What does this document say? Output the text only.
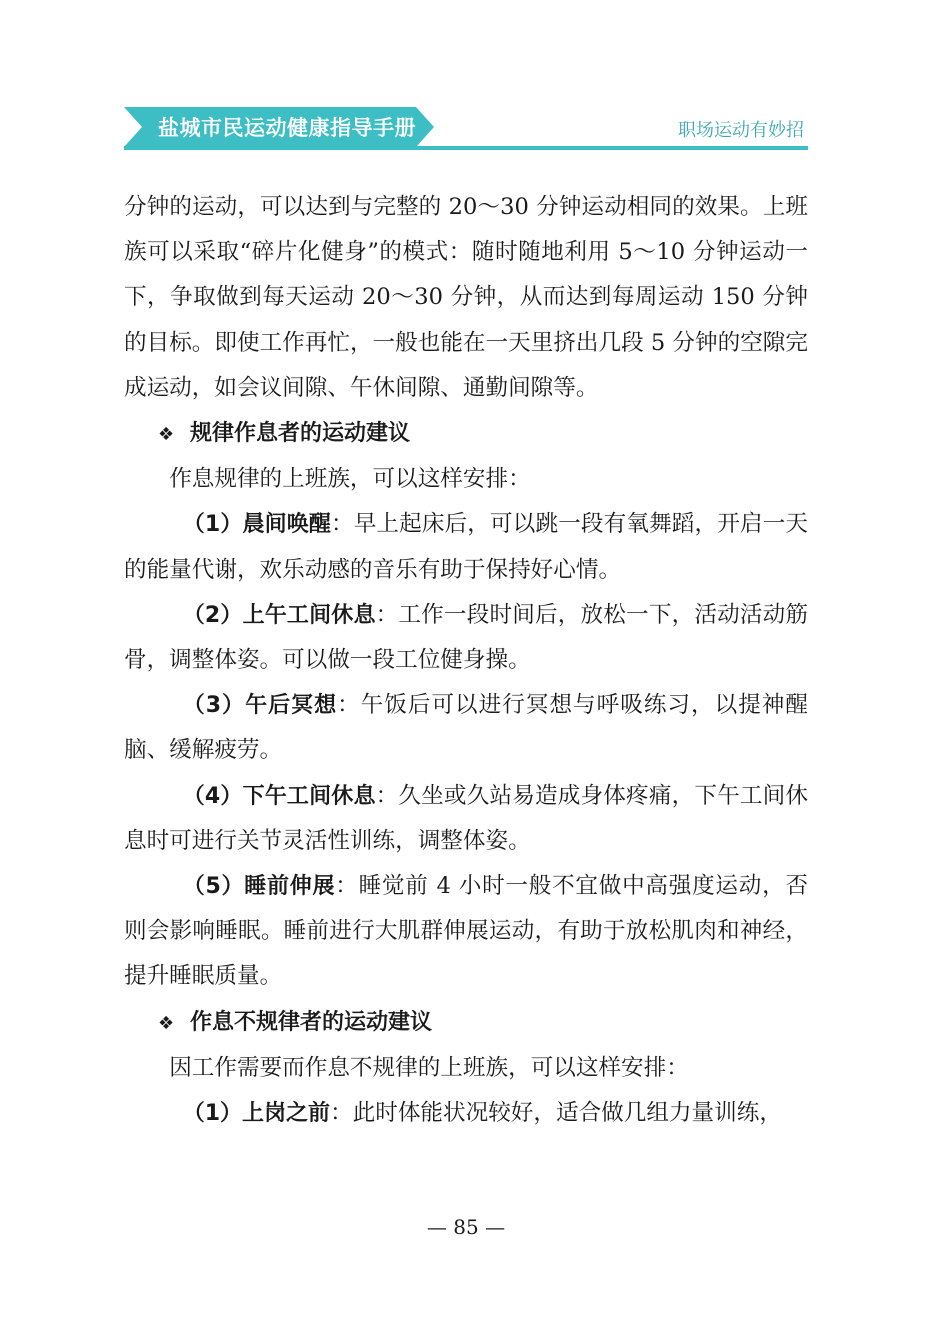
盐城市民运动健康指导手册	职场运动有妙招

分钟的运动，可以达到与完整的 20～30 分钟运动相同的效果。上班族可以采取“碎片化健身”的模式：随时随地利用 5～10 分钟运动一下，争取做到每天运动 20～30 分钟，从而达到每周运动 150 分钟的目标。即使工作再忙，一般也能在一天里挤出几段 5 分钟的空隙完成运动，如会议间隙、午休间隙、通勤间隙等。

❖ 规律作息者的运动建议

作息规律的上班族，可以这样安排：

（1）晨间唤醒：早上起床后，可以跳一段有氧舞蹈，开启一天的能量代谢，欢乐动感的音乐有助于保持好心情。

（2）上午工间休息：工作一段时间后，放松一下，活动活动筋骨，调整体姿。可以做一段工位健身操。

（3）午后冥想：午饭后可以进行冥想与呼吸练习，以提神醒脑、缓解疲劳。

（4）下午工间休息：久坐或久站易造成身体疼痛，下午工间休息时可进行关节灵活性训练，调整体姿。

（5）睡前伸展：睡觉前 4 小时一般不宜做中高强度运动，否则会影响睡眠。睡前进行大肌群伸展运动，有助于放松肌肉和神经，提升睡眠质量。

❖ 作息不规律者的运动建议

因工作需要而作息不规律的上班族，可以这样安排：

（1）上岗之前：此时体能状况较好，适合做几组力量训练，

— 85 —
